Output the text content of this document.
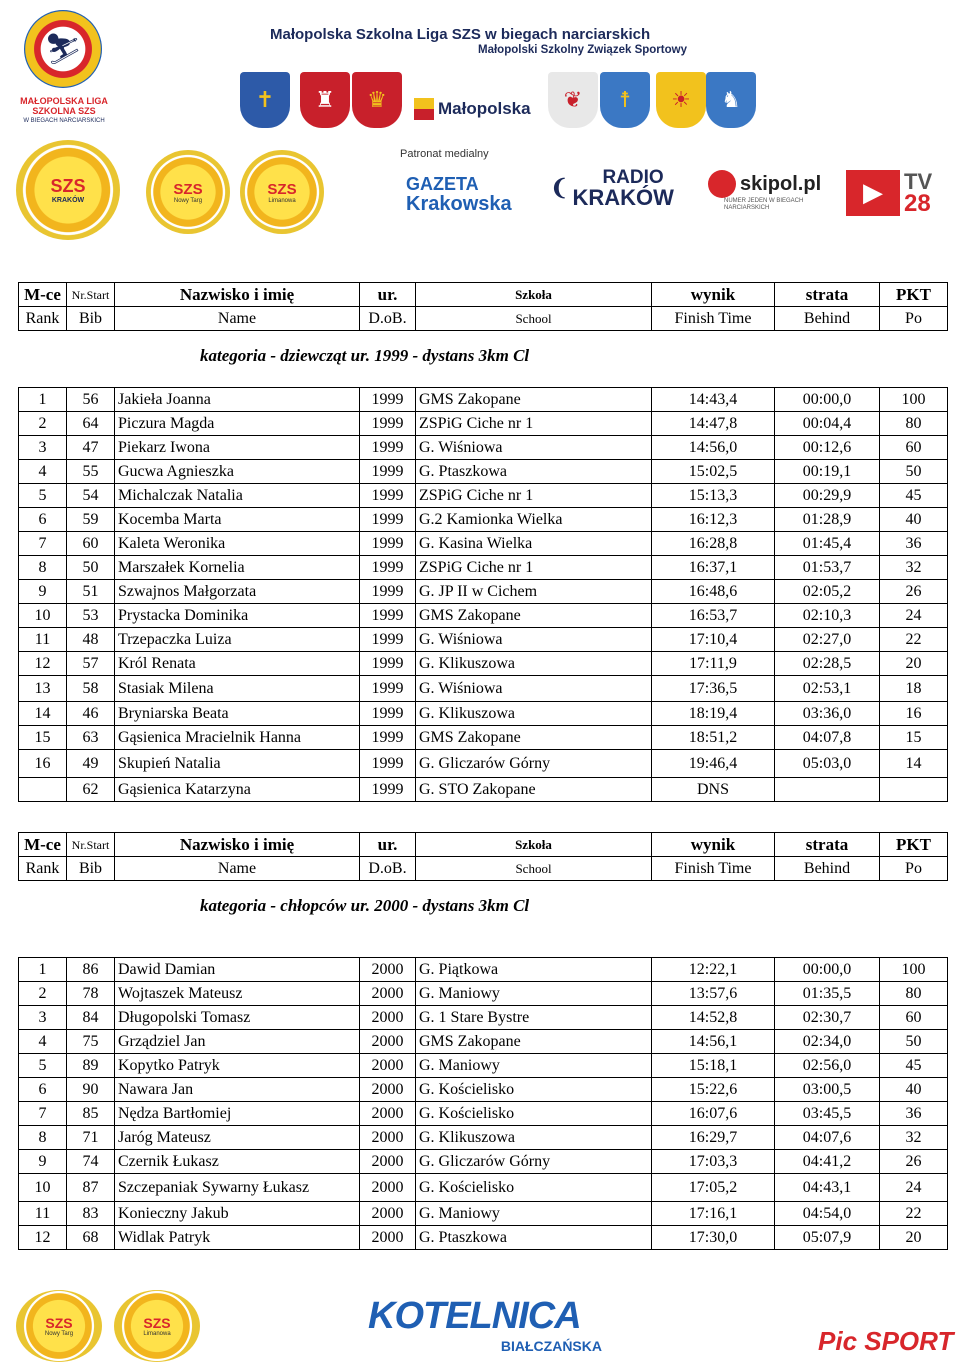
⛷
MAŁOPOLSKA LIGA SZKOLNA SZS
W BIEGACH NARCIARSKICH
Małopolska Szkolna Liga SZS w biegach narciarskich
Małopolski Szkolny Związek Sportowy
✝	♜	♛	Małopolska	❦	☨	☀	♞
SZS
KRAKÓW
SZS
Nowy Targ
SZS
Limanowa
Patronat medialny
GAZETA
Krakowska
❨	RADIO
KRAKÓW
skipol.pl
NUMER JEDEN W BIEGACH NARCIARSKICH
▶ TV
28
M-ce	Nr.Start	Nazwisko i imię	ur.	Szkoła	wynik	strata	PKT
Rank	Bib	Name	D.oB.	School	Finish Time	Behind	Po
kategoria - dziewcząt ur. 1999 - dystans 3km Cl
1	56	Jakieła Joanna	1999	GMS Zakopane	14:43,4	00:00,0	100
2	64	Piczura Magda	1999	ZSPiG Ciche nr 1	14:47,8	00:04,4	80
3	47	Piekarz Iwona	1999	G. Wiśniowa	14:56,0	00:12,6	60
4	55	Gucwa Agnieszka	1999	G. Ptaszkowa	15:02,5	00:19,1	50
5	54	Michalczak Natalia	1999	ZSPiG Ciche nr 1	15:13,3	00:29,9	45
6	59	Kocemba Marta	1999	G.2 Kamionka Wielka	16:12,3	01:28,9	40
7	60	Kaleta Weronika	1999	G. Kasina Wielka	16:28,8	01:45,4	36
8	50	Marszałek Kornelia	1999	ZSPiG Ciche nr 1	16:37,1	01:53,7	32
9	51	Szwajnos Małgorzata	1999	G. JP II w Cichem	16:48,6	02:05,2	26
10	53	Prystacka Dominika	1999	GMS Zakopane	16:53,7	02:10,3	24
11	48	Trzepaczka Luiza	1999	G. Wiśniowa	17:10,4	02:27,0	22
12	57	Król Renata	1999	G. Klikuszowa	17:11,9	02:28,5	20
13	58	Stasiak Milena	1999	G. Wiśniowa	17:36,5	02:53,1	18
14	46	Bryniarska Beata	1999	G. Klikuszowa	18:19,4	03:36,0	16
15	63	Gąsienica Mracielnik Hanna	1999	GMS Zakopane	18:51,2	04:07,8	15
16	49	Skupień Natalia	1999	G. Gliczarów Górny	19:46,4	05:03,0	14
	62	Gąsienica Katarzyna	1999	G. STO Zakopane	DNS		
M-ce	Nr.Start	Nazwisko i imię	ur.	Szkoła	wynik	strata	PKT
Rank	Bib	Name	D.oB.	School	Finish Time	Behind	Po
kategoria - chłopców ur. 2000 - dystans 3km Cl
1	86	Dawid Damian	2000	G. Piątkowa	12:22,1	00:00,0	100
2	78	Wojtaszek Mateusz	2000	G. Maniowy	13:57,6	01:35,5	80
3	84	Długopolski Tomasz	2000	G. 1 Stare Bystre	14:52,8	02:30,7	60
4	75	Grządziel Jan	2000	GMS Zakopane	14:56,1	02:34,0	50
5	89	Kopytko Patryk	2000	G. Maniowy	15:18,1	02:56,0	45
6	90	Nawara Jan	2000	G. Kościelisko	15:22,6	03:00,5	40
7	85	Nędza Bartłomiej	2000	G. Kościelisko	16:07,6	03:45,5	36
8	71	Jaróg Mateusz	2000	G. Klikuszowa	16:29,7	04:07,6	32
9	74	Czernik Łukasz	2000	G. Gliczarów Górny	17:03,3	04:41,2	26
10	87	Szczepaniak Sywarny Łukasz	2000	G. Kościelisko	17:05,2	04:43,1	24
11	83	Konieczny Jakub	2000	G. Maniowy	17:16,1	04:54,0	22
12	68	Widlak Patryk	2000	G. Ptaszkowa	17:30,0	05:07,9	20
SZS
Nowy Targ
SZS
Limanowa	KOTELNICA
BIAŁCZAŃSKA	Pic SPORT
